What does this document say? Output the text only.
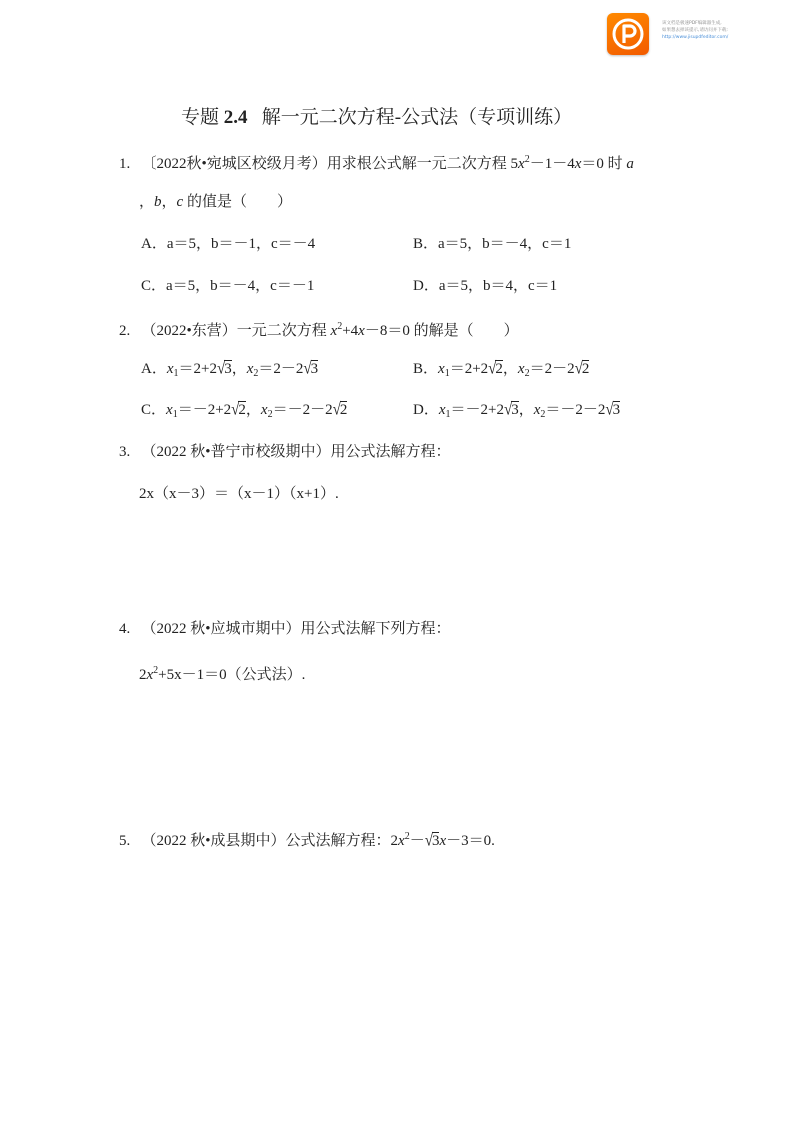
该文档是极速PDF编辑器生成,
如果想去掉该提示,请访问并下载:
http://www.jisupdfeditor.com/
专题 2.4 解一元二次方程-公式法（专项训练）
1. 〔2022秋•宛城区校级月考）用求根公式解一元二次方程 $5x^2-1-4x=0$ 时 a
，b，c 的值是（　　）
A．a＝5，b＝－1，c＝－4	B．a＝5，b＝－4，c＝1
C．a＝5，b＝－4，c＝－1	D．a＝5，b＝4，c＝1
2. （2022•东营）一元二次方程 $x^2+4x-8=0$ 的解是（　　）
A．$x_1=2+2√3$，$x_2=2-2√3$	B．$x_1=2+2√2$，$x_2=2-2√2$
C．$x_1=-2+2√2$，$x_2=-2-2√2$	D．$x_1=-2+2√3$，$x_2=-2-2√3$
3. （2022 秋•普宁市校级期中）用公式法解方程：
2x（x－3）＝（x－1）（x+1）.
4. （2022 秋•应城市期中）用公式法解下列方程：
$2x^2+5x-1=0$（公式法）.
5. （2022 秋•成县期中）公式法解方程：$2x^2-√3x-3=0$.
